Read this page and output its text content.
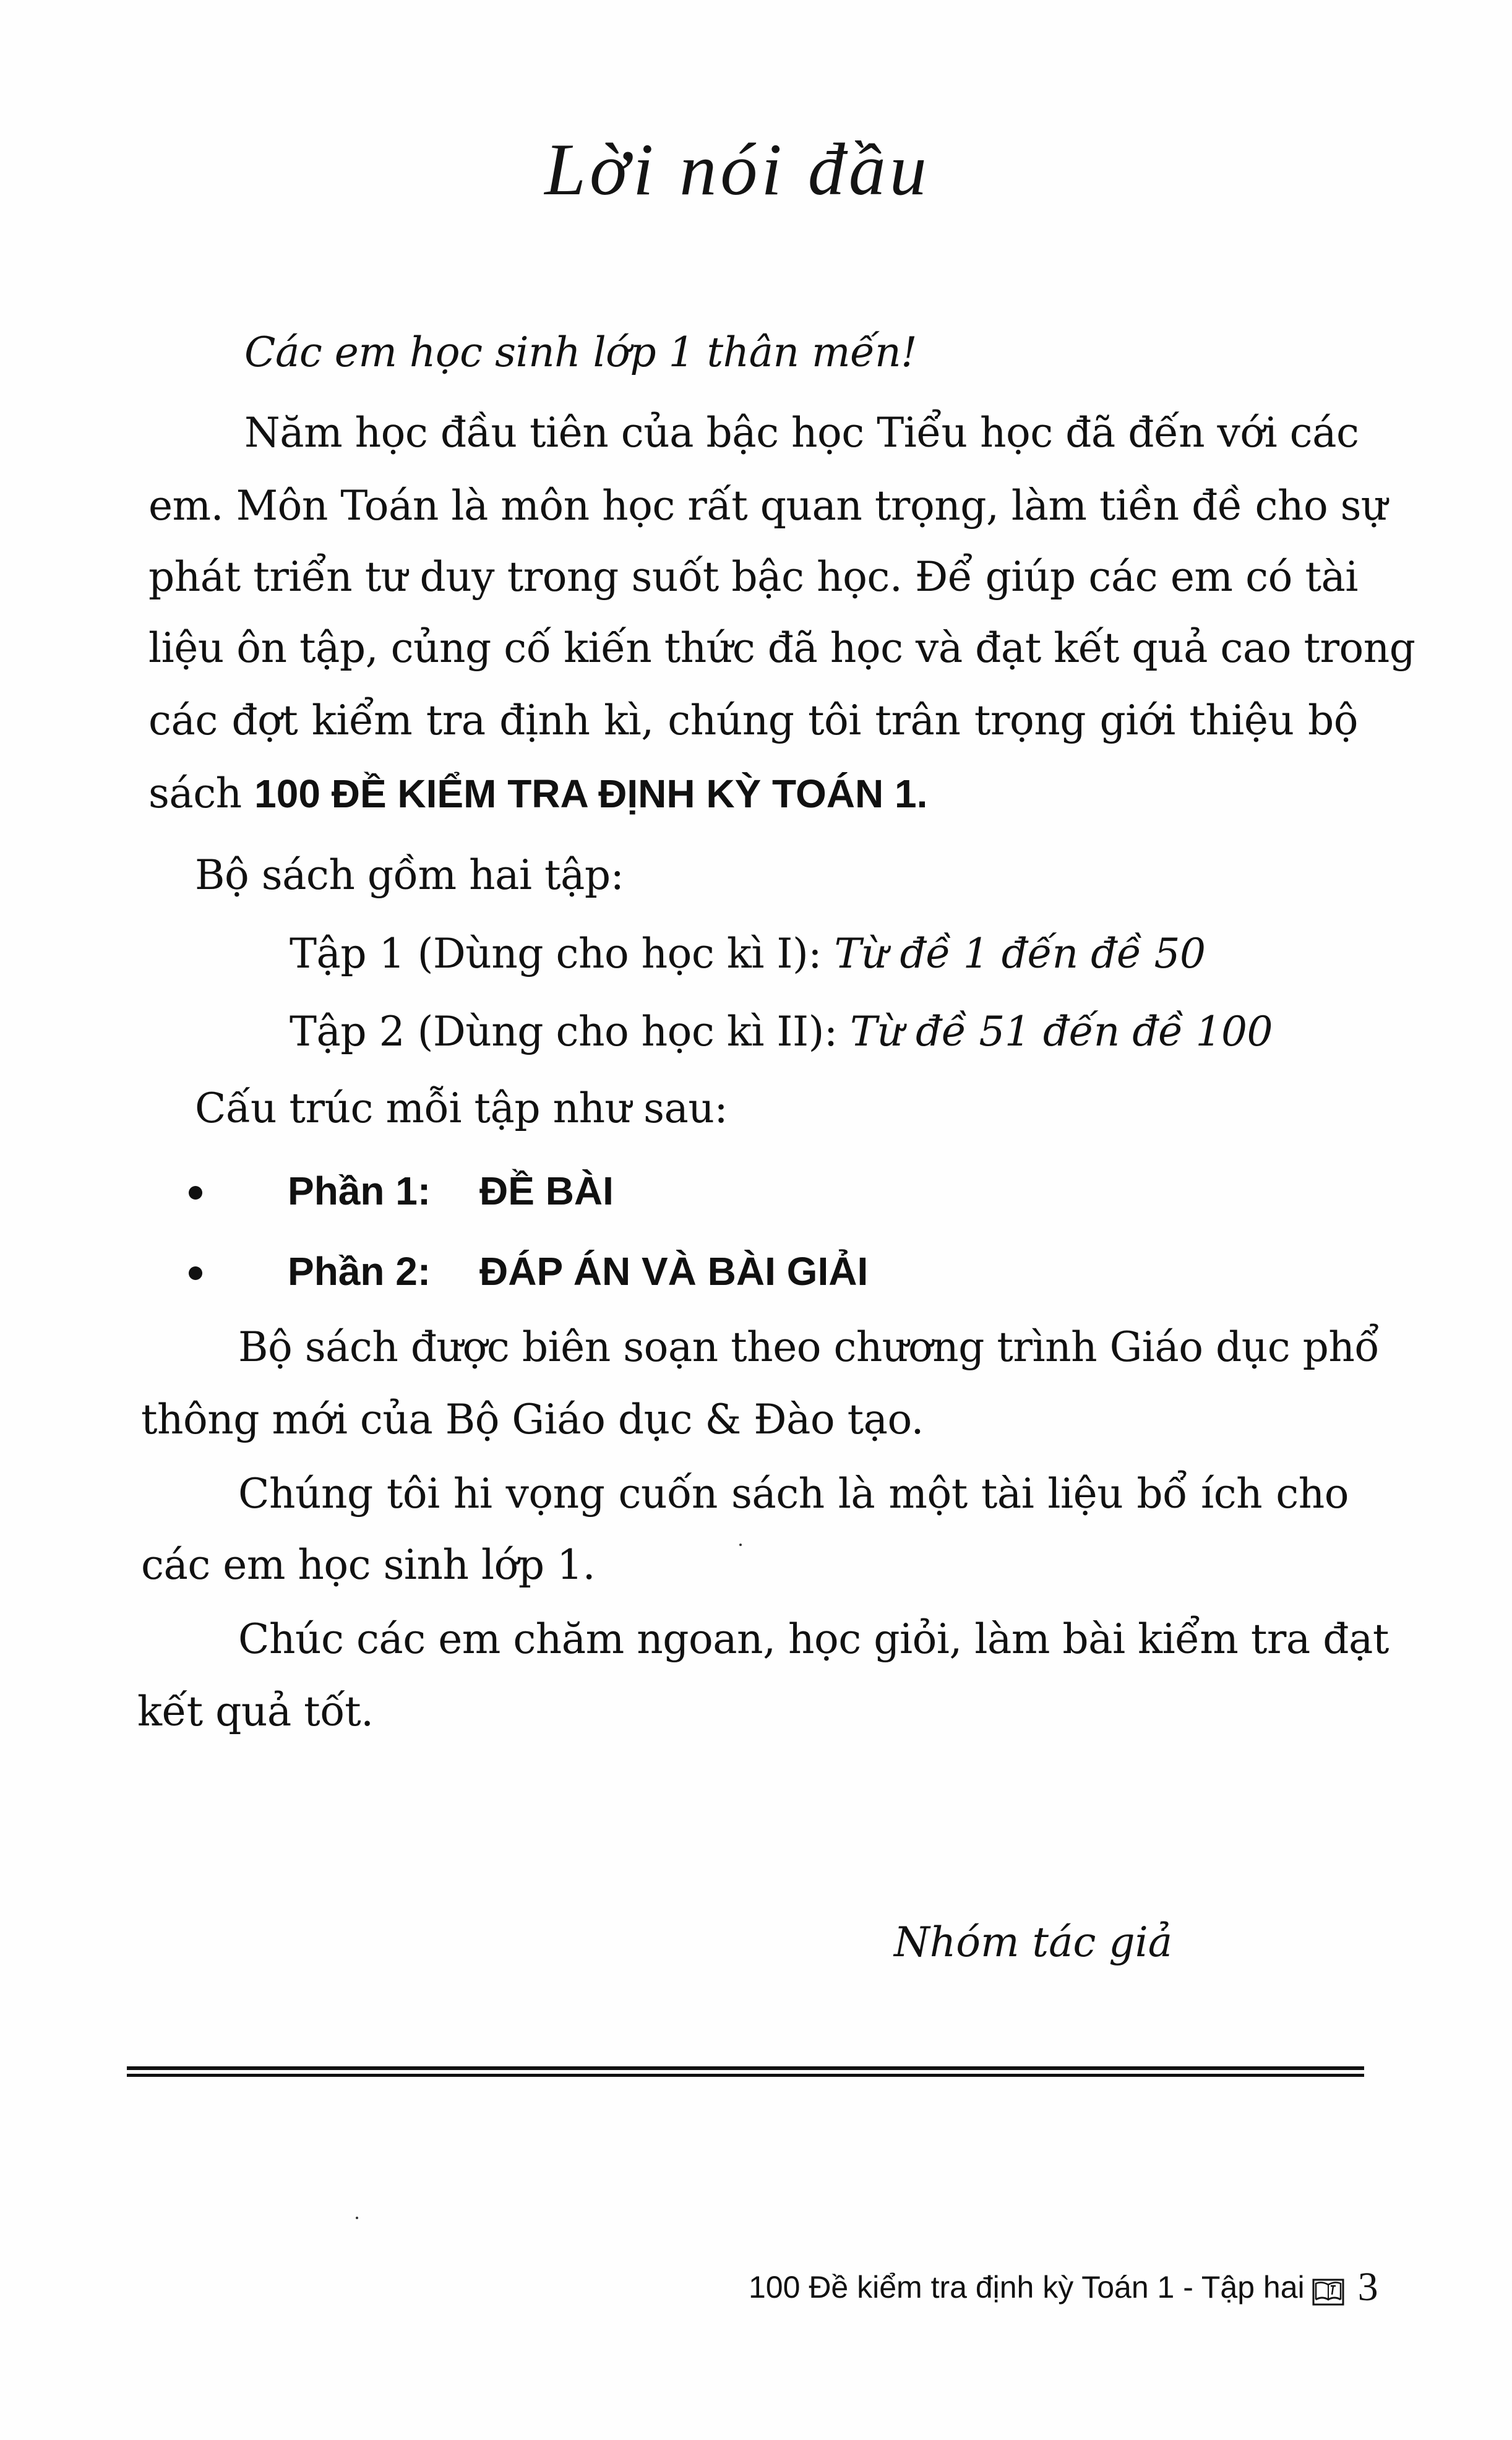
Lời nói đầu
Các em học sinh lớp 1 thân mến!
Năm học đầu tiên của bậc học Tiểu học đã đến với các
em. Môn Toán là môn học rất quan trọng, làm tiền đề cho sự
phát triển tư duy trong suốt bậc học. Để giúp các em có tài
liệu ôn tập, củng cố kiến thức đã học và đạt kết quả cao trong
các đợt kiểm tra định kì, chúng tôi trân trọng giới thiệu bộ
sách 100 ĐỀ KIỂM TRA ĐỊNH KỲ TOÁN 1.
Bộ sách gồm hai tập:
Tập 1 (Dùng cho học kì I): Từ đề 1 đến đề 50
Tập 2 (Dùng cho học kì II): Từ đề 51 đến đề 100
Cấu trúc mỗi tập như sau:
Phần 1: ĐỀ BÀI
Phần 2: ĐÁP ÁN VÀ BÀI GIẢI
Bộ sách được biên soạn theo chương trình Giáo dục phổ
thông mới của Bộ Giáo dục & Đào tạo.
Chúng tôi hi vọng cuốn sách là một tài liệu bổ ích cho
các em học sinh lớp 1.
Chúc các em chăm ngoan, học giỏi, làm bài kiểm tra đạt
kết quả tốt.
Nhóm tác giả
100 Đề kiểm tra định kỳ Toán 1 - Tập hai 3
